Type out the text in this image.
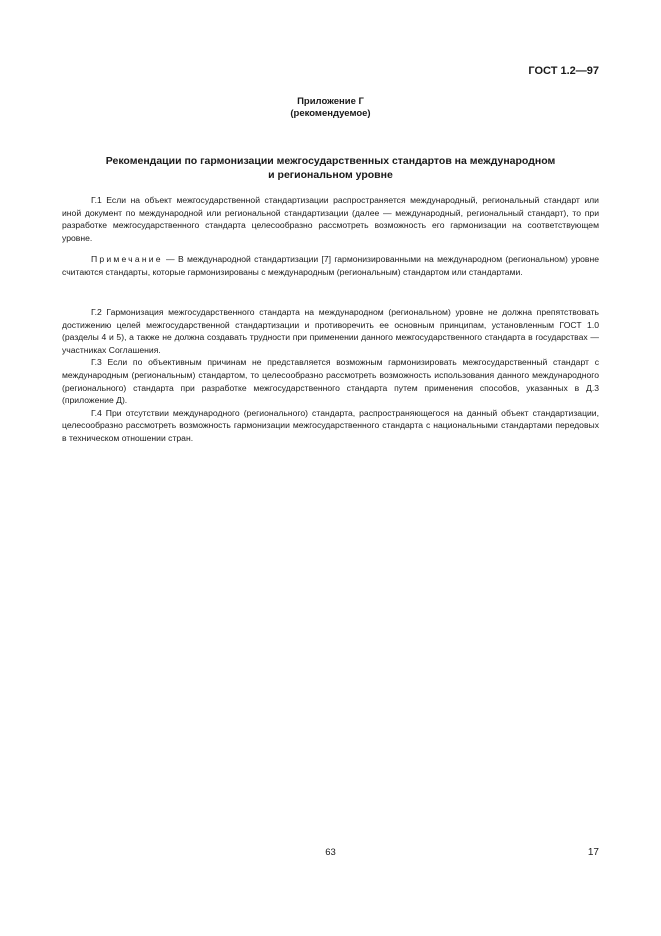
ГОСТ 1.2—97
Приложение Г
(рекомендуемое)
Рекомендации по гармонизации межгосударственных стандартов на международном
и региональном уровне

Г.1 Если на объект межгосударственной стандартизации распространяется международный, региональный стандарт или иной документ по международной или региональной стандартизации (далее — международный, региональный стандарт), то при разработке межгосударственного стандарта целесообразно рассмотреть возможность его гармонизации на соответствующем уровне.

Примечание — В международной стандартизации [7] гармонизированными на международном (региональном) уровне считаются стандарты, которые гармонизированы с международным (региональным) стандартом или стандартами.

Г.2 Гармонизация межгосударственного стандарта на международном (региональном) уровне не должна препятствовать достижению целей межгосударственной стандартизации и противоречить ее основным принципам, установленным ГОСТ 1.0 (разделы 4 и 5), а также не должна создавать трудности при применении данного межгосударственного стандарта в государствах — участниках Соглашения.

Г.3 Если по объективным причинам не представляется возможным гармонизировать межгосударственный стандарт с международным (региональным) стандартом, то целесообразно рассмотреть возможность использования данного международного (регионального) стандарта при разработке межгосударственного стандарта путем применения способов, указанных в Д.3 (приложение Д).

Г.4 При отсутствии международного (регионального) стандарта, распространяющегося на данный объект стандартизации, целесообразно рассмотреть возможность гармонизации межгосударственного стандарта с национальными стандартами передовых в техническом отношении стран.

63	17
